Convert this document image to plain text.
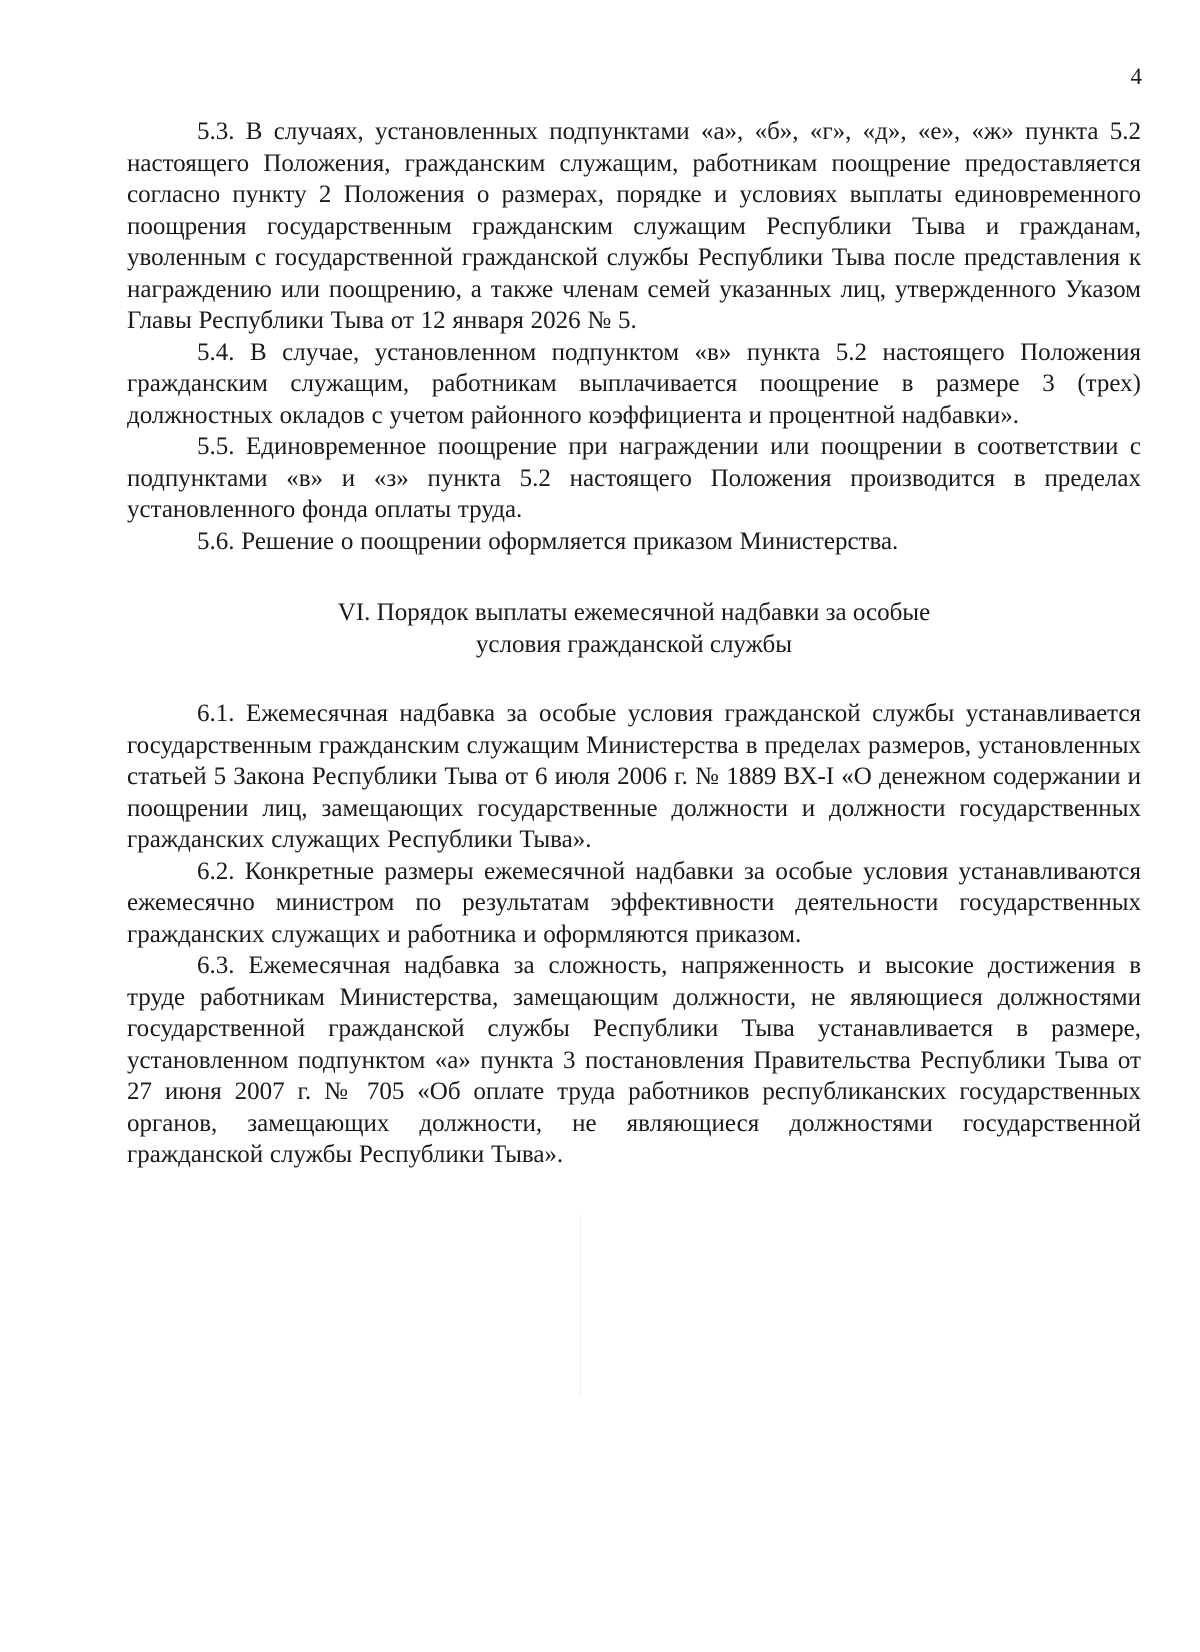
4

5.3. В случаях, установленных подпунктами «а», «б», «г», «д», «е», «ж» пункта 5.2 настоящего Положения, гражданским служащим, работникам поощрение предоставляется согласно пункту 2 Положения о размерах, порядке и условиях выплаты единовременного поощрения государственным гражданским служащим Республики Тыва и гражданам, уволенным с государственной гражданской службы Республики Тыва после представления к награждению или поощрению, а также членам семей указанных лиц, утвержденного Указом Главы Республики Тыва от 12 января 2026 № 5.

5.4. В случае, установленном подпунктом «в» пункта 5.2 настоящего Положения гражданским служащим, работникам выплачивается поощрение в размере 3 (трех) должностных окладов с учетом районного коэффициента и процентной надбавки».

5.5. Единовременное поощрение при награждении или поощрении в соответствии с подпунктами «в» и «з» пункта 5.2 настоящего Положения производится в пределах установленного фонда оплаты труда.

5.6. Решение о поощрении оформляется приказом Министерства.

VI. Порядок выплаты ежемесячной надбавки за особые
условия гражданской службы

6.1. Ежемесячная надбавка за особые условия гражданской службы устанавливается государственным гражданским служащим Министерства в пределах размеров, установленных статьей 5 Закона Республики Тыва от 6 июля 2006 г. № 1889 ВХ-I «О денежном содержании и поощрении лиц, замещающих государственные должности и должности государственных гражданских служащих Республики Тыва».

6.2. Конкретные размеры ежемесячной надбавки за особые условия устанавливаются ежемесячно министром по результатам эффективности деятельности государственных гражданских служащих и работника и оформляются приказом.

6.3. Ежемесячная надбавка за сложность, напряженность и высокие достижения в труде работникам Министерства, замещающим должности, не являющиеся должностями государственной гражданской службы Республики Тыва устанавливается в размере, установленном подпунктом «а» пункта 3 постановления Правительства Республики Тыва от 27 июня 2007 г. № 705 «Об оплате труда работников республиканских государственных органов, замещающих должности, не являющиеся должностями государственной гражданской службы Республики Тыва».
